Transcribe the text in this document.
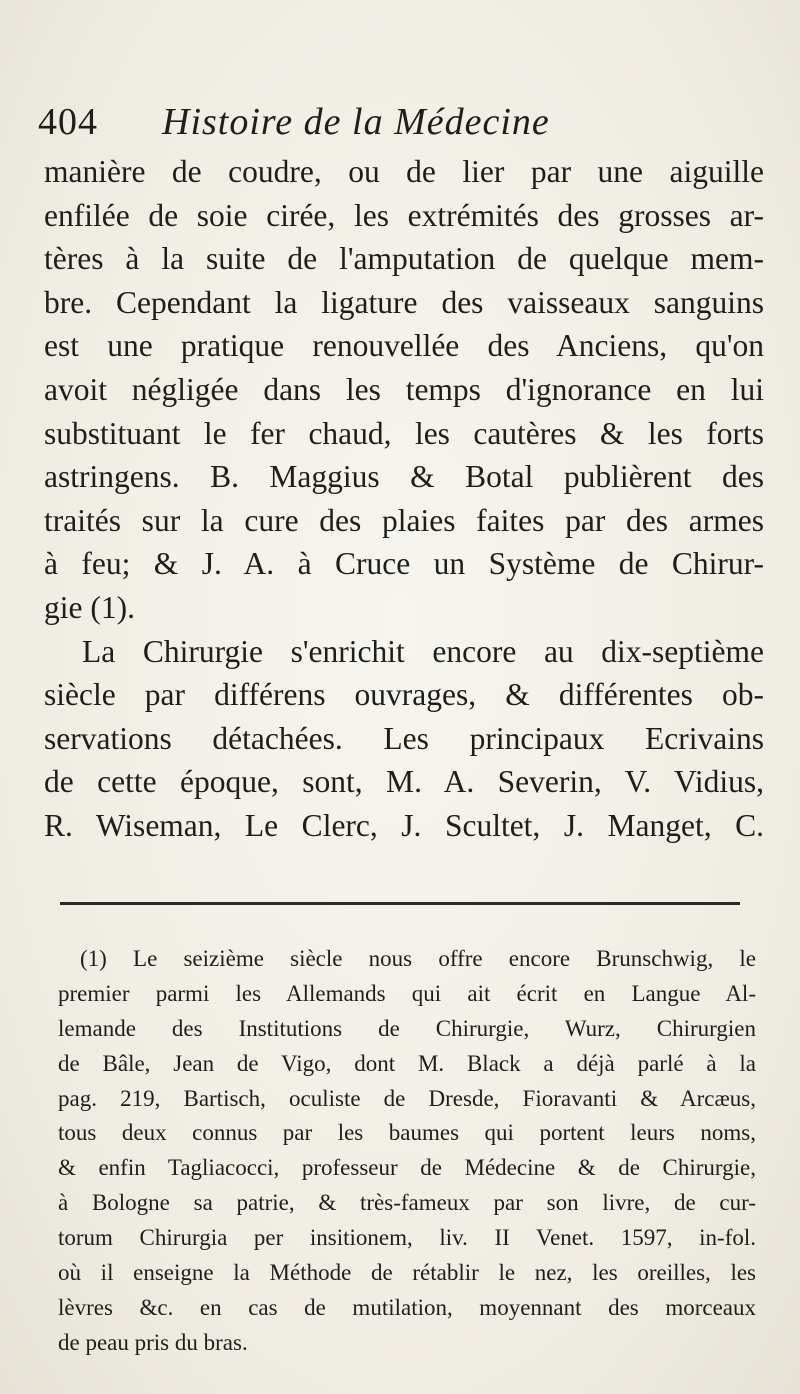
404 Histoire de la Médecine
manière de coudre, ou de lier par une aiguille
enfilée de soie cirée, les extrémités des grosses ar-
tères à la suite de l'amputation de quelque mem-
bre. Cependant la ligature des vaisseaux sanguins
est une pratique renouvellée des Anciens, qu'on
avoit négligée dans les temps d'ignorance en lui
substituant le fer chaud, les cautères & les forts
astringens. B. Maggius & Botal publièrent des
traités sur la cure des plaies faites par des armes
à feu; & J. A. à Cruce un Système de Chirur-
gie (1).
La Chirurgie s'enrichit encore au dix-septième
siècle par différens ouvrages, & différentes ob-
servations détachées. Les principaux Ecrivains
de cette époque, sont, M. A. Severin, V. Vidius,
R. Wiseman, Le Clerc, J. Scultet, J. Manget, C.
(1) Le seizième siècle nous offre encore Brunschwig, le
premier parmi les Allemands qui ait écrit en Langue Al-
lemande des Institutions de Chirurgie, Wurz, Chirurgien
de Bâle, Jean de Vigo, dont M. Black a déjà parlé à la
pag. 219, Bartisch, oculiste de Dresde, Fioravanti & Arcæus,
tous deux connus par les baumes qui portent leurs noms,
& enfin Tagliacocci, professeur de Médecine & de Chirurgie,
à Bologne sa patrie, & très-fameux par son livre, de cur-
torum Chirurgia per insitionem, liv. II Venet. 1597, in-fol.
où il enseigne la Méthode de rétablir le nez, les oreilles, les
lèvres &c. en cas de mutilation, moyennant des morceaux
de peau pris du bras.
